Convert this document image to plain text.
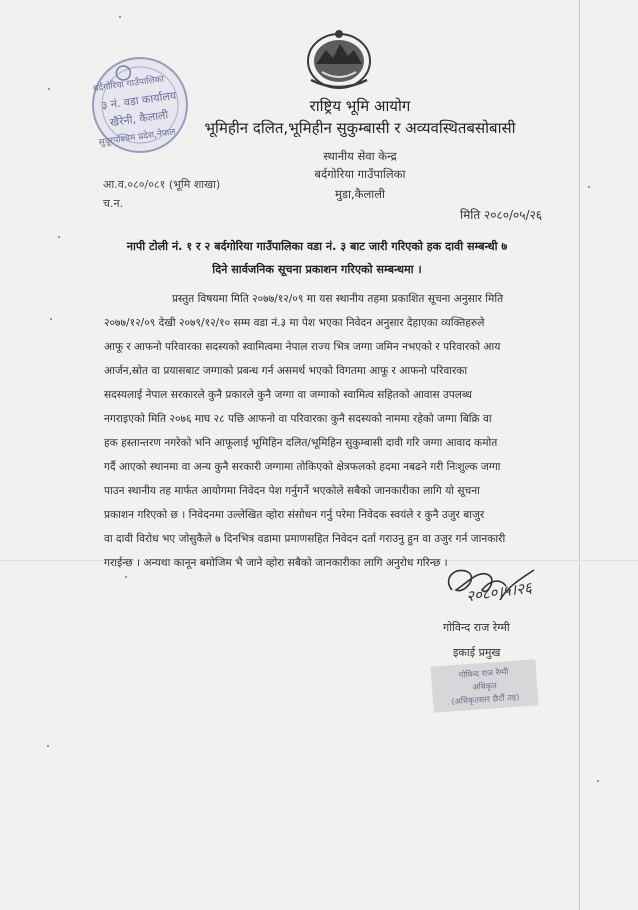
बर्दगोरिया गाउँपालिका
३ नं. वडा कार्यालय
खैरेनी, कैलाली
सुदूरपश्चिम प्रदेश,नेपाल
राष्ट्रिय भूमि आयोग
भूमिहीन दलित,भूमिहीन सुकुम्बासी र अव्यवस्थितबसोबासी
स्थानीय सेवा केन्द्र
बर्दगोरिया गाउँपालिका
मुडा,कैलाली
आ.व.०८०/०८१ (भूमि शाखा)
च.न.
मिति २०८०/०५/२६
नापी टोली नं. १ र २ बर्दगोरिया गाउँपालिका वडा नं. ३ बाट जारी गरिएको हक दावी सम्बन्धी ७
दिने सार्वजनिक सूचना प्रकाशन गरिएको सम्बन्धमा ।
प्रस्तुत विषयमा मिति २०७७/१२/०९ मा यस स्थानीय तहमा प्रकाशित सूचना अनुसार मिति
२०७७/१२/०९ देखी २०७९/१२/१० सम्म वडा नं.३ मा पेश भएका निवेदन अनुसार देहाएका व्यक्तिहरुले
आफू र आफनो परिवारका सदस्यको स्वामित्वमा नेपाल राज्य भित्र जग्गा जमिन नभएको र परिवारको आय
आर्जन,स्रोत वा प्रयासबाट जग्गाको प्रबन्ध गर्न असमर्थ भएको विगतमा आफू र आफनो परिवारका
सदस्यलाई नेपाल सरकारले कुनै प्रकारले कुनै जग्गा वा जग्गाको स्वामित्व सहितको आवास उपलब्ध
नगराइएको मिति २०७६ माघ २८ पछि आफनो वा परिवारका कुनै सदस्यको नाममा रहेको जग्गा बिक्रि वा
हक हस्तान्तरण नगरेको भनि आफूलाई भूमिहिन दलित/भूमिहिन सुकुम्बासी दावी गरि जग्गा आवाद कमोत
गर्दै आएको स्थानमा वा अन्य कुनै सरकारी जग्गामा तोकिएको क्षेत्रफलको हदमा नबढने गरी निःशुल्क जग्गा
पाउन स्थानीय तह मार्फत आयोगमा निवेदन पेश गर्नुगर्ने भएकोले सबैको जानकारीका लागि यो सूचना
प्रकाशन गरिएको छ । निवेदनमा उल्लेखित व्होरा संसोधन गर्नु परेमा निवेदक स्वयंले र कुनै उजुर बाजुर
वा दावी विरोध भए जोसुकैले ७ दिनभित्र वडामा प्रमाणसहित निवेदन दर्ता गराउनु हुन वा उजुर गर्न जानकारी
गराईन्छ । अन्यथा कानून बमोजिम भै जाने व्होरा सबैको जानकारीका लागि अनुरोध गरिन्छ ।
२०८०।५।२६
गोविन्द राज रेग्मी
इकाई प्रमुख
गोविन्द राज रेग्मी
अधिकृत
(अधिकृतस्तर छैटौं तह)
